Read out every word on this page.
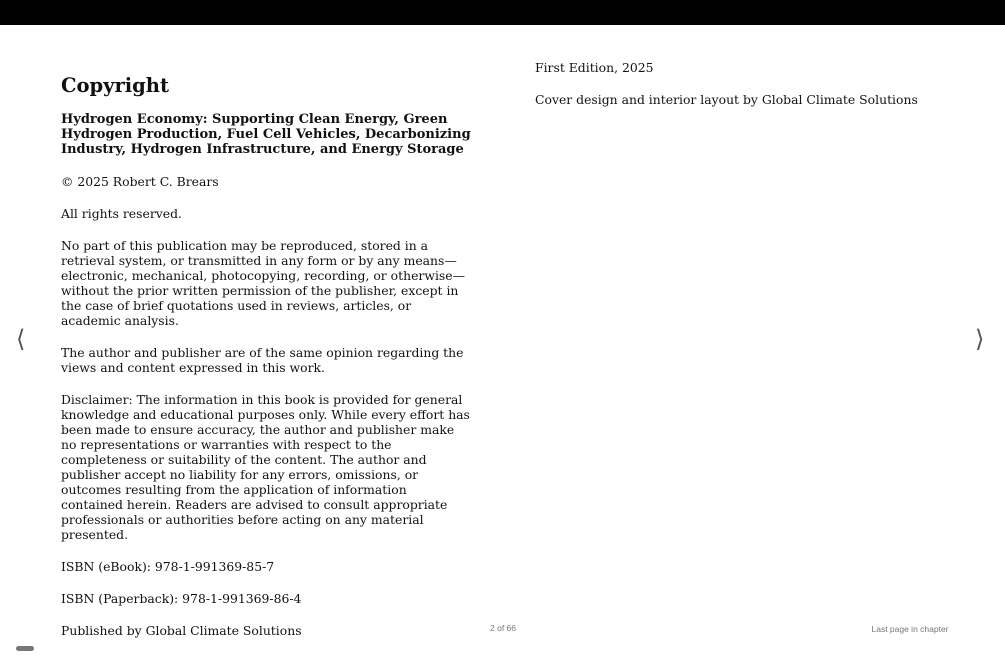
Copyright
Hydrogen Economy: Supporting Clean Energy, Green Hydrogen Production, Fuel Cell Vehicles, Decarbonizing Industry, Hydrogen Infrastructure, and Energy Storage

© 2025 Robert C. Brears

All rights reserved.

No part of this publication may be reproduced, stored in a retrieval system, or transmitted in any form or by any means—electronic, mechanical, photocopying, recording, or otherwise—without the prior written permission of the publisher, except in the case of brief quotations used in reviews, articles, or academic analysis.

The author and publisher are of the same opinion regarding the views and content expressed in this work.

Disclaimer: The information in this book is provided for general knowledge and educational purposes only. While every effort has been made to ensure accuracy, the author and publisher make no representations or warranties with respect to the completeness or suitability of the content. The author and publisher accept no liability for any errors, omissions, or outcomes resulting from the application of information contained herein. Readers are advised to consult appropriate professionals or authorities before acting on any material presented.

ISBN (eBook): 978-1-991369-85-7

ISBN (Paperback): 978-1-991369-86-4

Published by Global Climate Solutions

First Edition, 2025

Cover design and interior layout by Global Climate Solutions

⟨	⟩
2 of 66	Last page in chapter
